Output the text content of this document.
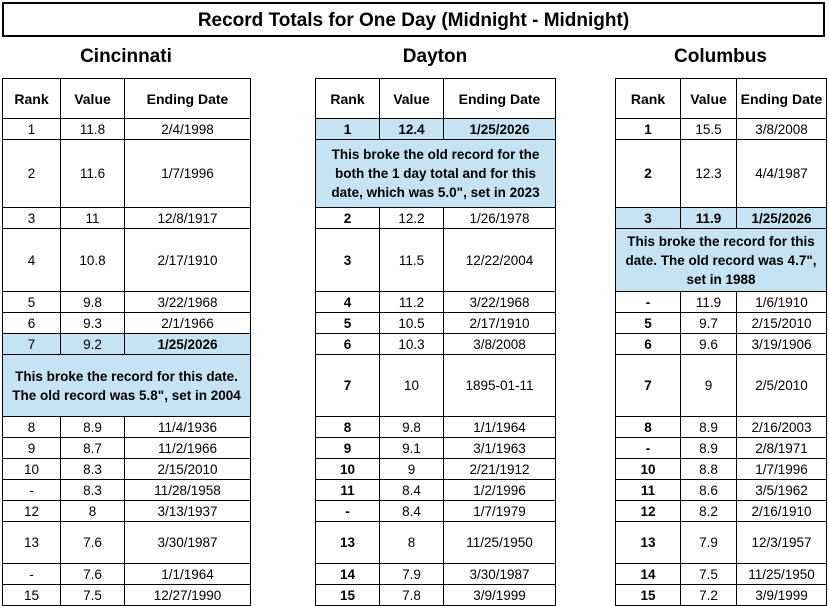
Record Totals for One Day (Midnight - Midnight)
Cincinnati
Rank	Value	Ending Date
1	11.8	2/4/1998
2	11.6	1/7/1996
3	11	12/8/1917
4	10.8	2/17/1910
5	9.8	3/22/1968
6	9.3	2/1/1966
7	9.2	1/25/2026
This broke the record for this date. The old record was 5.8", set in 2004		
8	8.9	11/4/1936
9	8.7	11/2/1966
10	8.3	2/15/2010
-	8.3	11/28/1958
12	8	3/13/1937
13	7.6	3/30/1987
-	7.6	1/1/1964
15	7.5	12/27/1990
Dayton
Rank	Value	Ending Date
1	12.4	1/25/2026
This broke the old record for the both the 1 day total and for this date, which was 5.0", set in 2023		
2	12.2	1/26/1978
3	11.5	12/22/2004
4	11.2	3/22/1968
5	10.5	2/17/1910
6	10.3	3/8/2008
7	10	1895-01-11
8	9.8	1/1/1964
9	9.1	3/1/1963
10	9	2/21/1912
11	8.4	1/2/1996
-	8.4	1/7/1979
13	8	11/25/1950
14	7.9	3/30/1987
15	7.8	3/9/1999
Columbus
Rank	Value	Ending Date
1	15.5	3/8/2008
2	12.3	4/4/1987
3	11.9	1/25/2026
This broke the record for this date. The old record was 4.7", set in 1988		
-	11.9	1/6/1910
5	9.7	2/15/2010
6	9.6	3/19/1906
7	9	2/5/2010
8	8.9	2/16/2003
-	8.9	2/8/1971
10	8.8	1/7/1996
11	8.6	3/5/1962
12	8.2	2/16/1910
13	7.9	12/3/1957
14	7.5	11/25/1950
15	7.2	3/9/1999
